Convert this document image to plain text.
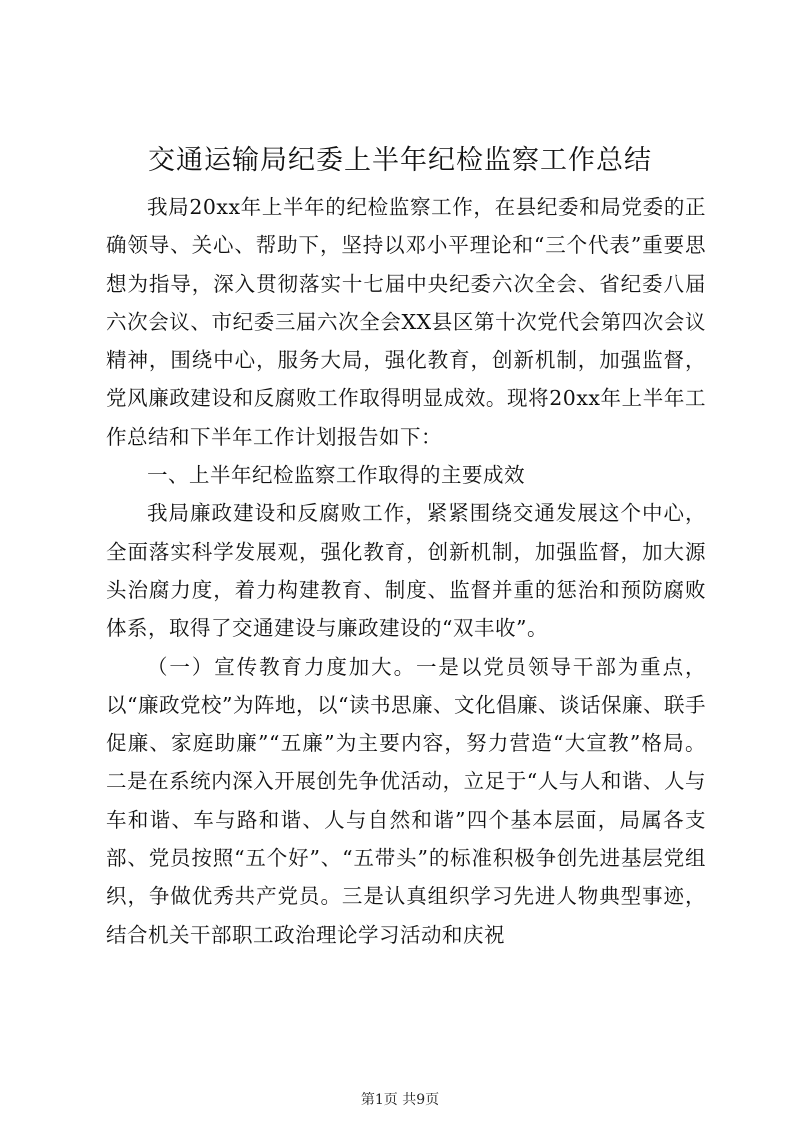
交通运输局纪委上半年纪检监察工作总结

我局20xx年上半年的纪检监察工作，在县纪委和局党委的正确领导、关心、帮助下，坚持以邓小平理论和“三个代表”重要思想为指导，深入贯彻落实十七届中央纪委六次全会、省纪委八届六次会议、市纪委三届六次全会XX县区第十次党代会第四次会议精神，围绕中心，服务大局，强化教育，创新机制，加强监督，党风廉政建设和反腐败工作取得明显成效。现将20xx年上半年工作总结和下半年工作计划报告如下：

一、上半年纪检监察工作取得的主要成效

我局廉政建设和反腐败工作，紧紧围绕交通发展这个中心，全面落实科学发展观，强化教育，创新机制，加强监督，加大源头治腐力度，着力构建教育、制度、监督并重的惩治和预防腐败体系，取得了交通建设与廉政建设的“双丰收”。

（一）宣传教育力度加大。一是以党员领导干部为重点，以“廉政党校”为阵地，以“读书思廉、文化倡廉、谈话保廉、联手促廉、家庭助廉”“五廉”为主要内容，努力营造“大宣教”格局。二是在系统内深入开展创先争优活动，立足于“人与人和谐、人与车和谐、车与路和谐、人与自然和谐”四个基本层面，局属各支部、党员按照“五个好”、“五带头”的标准积极争创先进基层党组织，争做优秀共产党员。三是认真组织学习先进人物典型事迹，结合机关干部职工政治理论学习活动和庆祝

第1页 共9页
